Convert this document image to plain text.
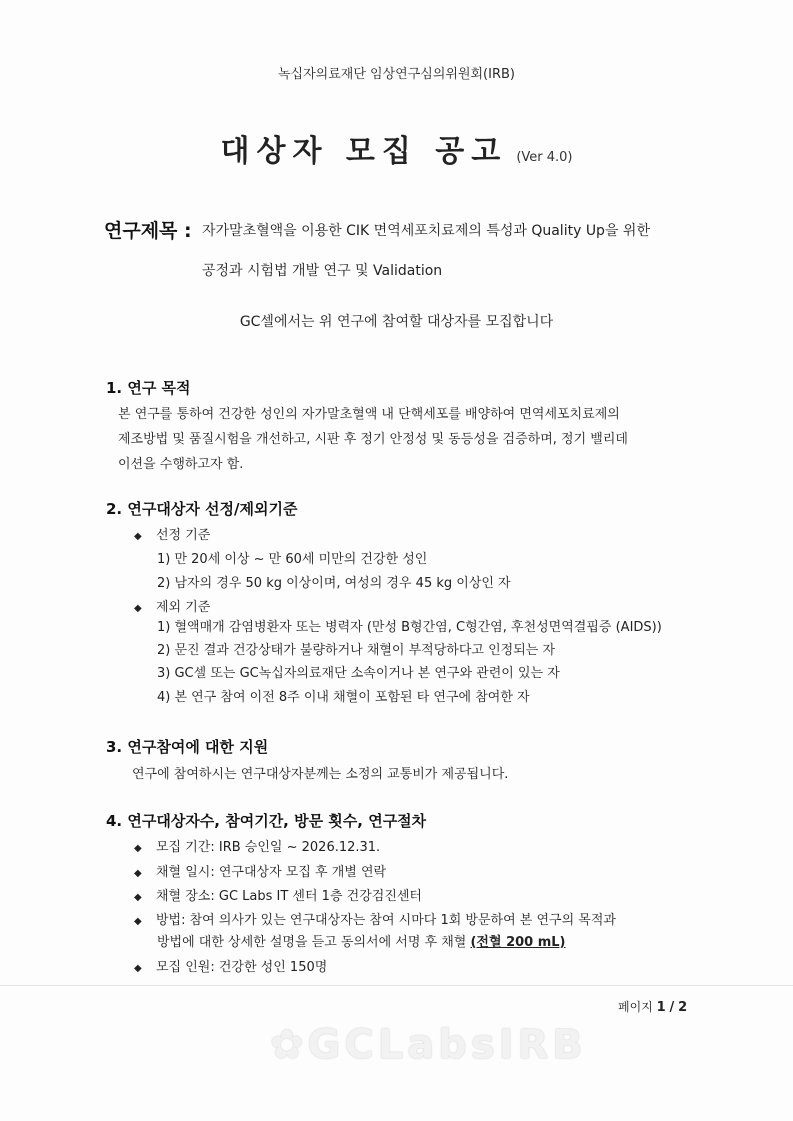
녹십자의료재단 임상연구심의위원회(IRB)
대상자 모집 공고 (Ver 4.0)
연구제목 : 자가말초혈액을 이용한 CIK 면역세포치료제의 특성과 Quality Up을 위한
공정과 시험법 개발 연구 및 Validation
GC셀에서는 위 연구에 참여할 대상자를 모집합니다
1. 연구 목적
본 연구를 통하여 건강한 성인의 자가말초혈액 내 단핵세포를 배양하여 면역세포치료제의
제조방법 및 품질시험을 개선하고, 시판 후 정기 안정성 및 동등성을 검증하며, 정기 밸리데
이션을 수행하고자 함.
2. 연구대상자 선정/제외기준
◆ 선정 기준
1) 만 20세 이상 ~ 만 60세 미만의 건강한 성인
2) 남자의 경우 50 kg 이상이며, 여성의 경우 45 kg 이상인 자
◆ 제외 기준
1) 혈액매개 감염병환자 또는 병력자 (만성 B형간염, C형간염, 후천성면역결핍증 (AIDS))
2) 문진 결과 건강상태가 불량하거나 채혈이 부적당하다고 인정되는 자
3) GC셀 또는 GC녹십자의료재단 소속이거나 본 연구와 관련이 있는 자
4) 본 연구 참여 이전 8주 이내 채혈이 포함된 타 연구에 참여한 자
3. 연구참여에 대한 지원
연구에 참여하시는 연구대상자분께는 소정의 교통비가 제공됩니다.
4. 연구대상자수, 참여기간, 방문 횟수, 연구절차
◆ 모집 기간: IRB 승인일 ~ 2026.12.31.
◆ 채혈 일시: 연구대상자 모집 후 개별 연락
◆ 채혈 장소: GC Labs IT 센터 1층 건강검진센터
◆ 방법: 참여 의사가 있는 연구대상자는 참여 시마다 1회 방문하여 본 연구의 목적과
방법에 대한 상세한 설명을 듣고 동의서에 서명 후 채혈 (전혈 200 mL)
◆ 모집 인원: 건강한 성인 150명
페이지 1 / 2
✿GCLabsIRB
